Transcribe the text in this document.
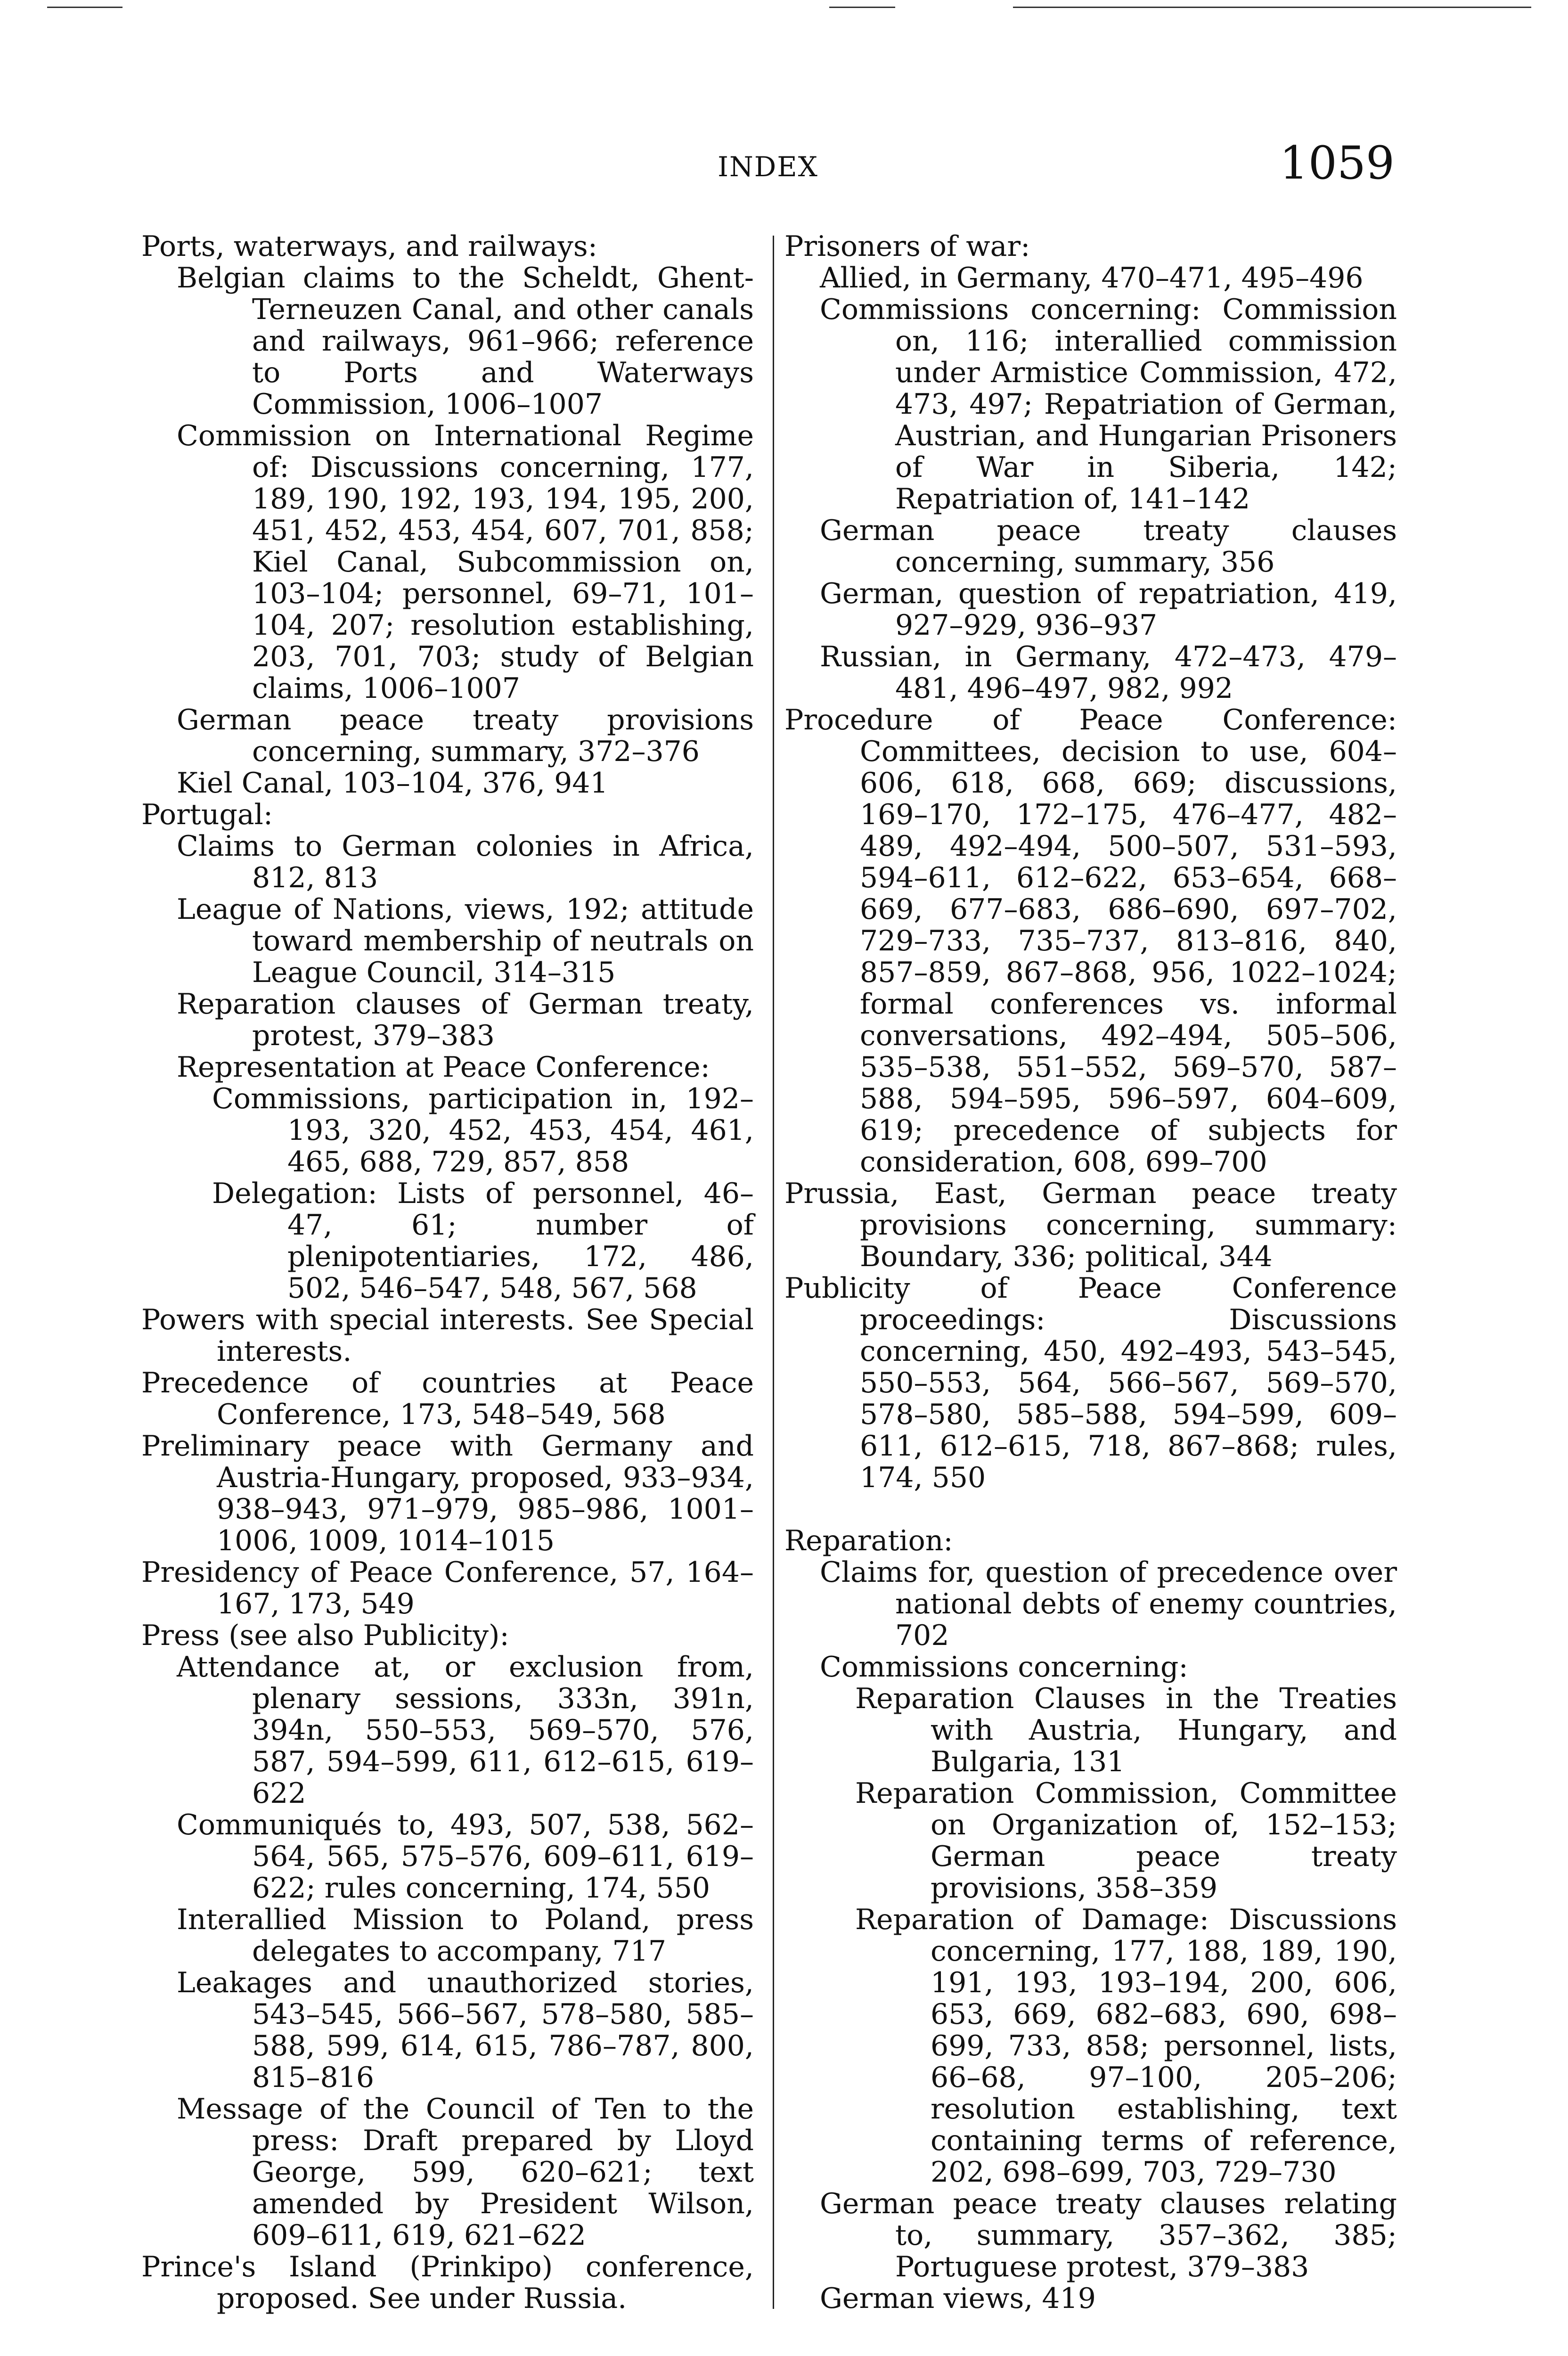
INDEX	1059
Ports, waterways, and railways:
Belgian claims to the Scheldt, Ghent-Terneuzen Canal, and other canals and railways, 961–966; reference to Ports and Waterways Commission, 1006–1007
Commission on International Regime of: Discussions concerning, 177, 189, 190, 192, 193, 194, 195, 200, 451, 452, 453, 454, 607, 701, 858; Kiel Canal, Subcommission on, 103–104; personnel, 69–71, 101–104, 207; resolution establishing, 203, 701, 703; study of Belgian claims, 1006–1007
German peace treaty provisions concerning, summary, 372–376
Kiel Canal, 103–104, 376, 941
Portugal:
Claims to German colonies in Africa, 812, 813
League of Nations, views, 192; attitude toward membership of neutrals on League Council, 314–315
Reparation clauses of German treaty, protest, 379–383
Representation at Peace Conference:
Commissions, participation in, 192–193, 320, 452, 453, 454, 461, 465, 688, 729, 857, 858
Delegation: Lists of personnel, 46–47, 61; number of plenipotentiaries, 172, 486, 502, 546–547, 548, 567, 568
Powers with special interests. See Special interests.
Precedence of countries at Peace Conference, 173, 548–549, 568
Preliminary peace with Germany and Austria-Hungary, proposed, 933–934, 938–943, 971–979, 985–986, 1001–1006, 1009, 1014–1015
Presidency of Peace Conference, 57, 164–167, 173, 549
Press (see also Publicity):
Attendance at, or exclusion from, plenary sessions, 333n, 391n, 394n, 550–553, 569–570, 576, 587, 594–599, 611, 612–615, 619–622
Communiqués to, 493, 507, 538, 562–564, 565, 575–576, 609–611, 619–622; rules concerning, 174, 550
Interallied Mission to Poland, press delegates to accompany, 717
Leakages and unauthorized stories, 543–545, 566–567, 578–580, 585–588, 599, 614, 615, 786–787, 800, 815–816
Message of the Council of Ten to the press: Draft prepared by Lloyd George, 599, 620–621; text amended by President Wilson, 609–611, 619, 621–622
Prince's Island (Prinkipo) conference, proposed. See under Russia.
Prisoners of war:
Allied, in Germany, 470–471, 495–496
Commissions concerning: Commission on, 116; interallied commission under Armistice Commission, 472, 473, 497; Repatriation of German, Austrian, and Hungarian Prisoners of War in Siberia, 142; Repatriation of, 141–142
German peace treaty clauses concerning, summary, 356
German, question of repatriation, 419, 927–929, 936–937
Russian, in Germany, 472–473, 479–481, 496–497, 982, 992
Procedure of Peace Conference: Committees, decision to use, 604–606, 618, 668, 669; discussions, 169–170, 172–175, 476–477, 482–489, 492–494, 500–507, 531–593, 594–611, 612–622, 653–654, 668–669, 677–683, 686–690, 697–702, 729–733, 735–737, 813–816, 840, 857–859, 867–868, 956, 1022–1024; formal conferences vs. informal conversations, 492–494, 505–506, 535–538, 551–552, 569–570, 587–588, 594–595, 596–597, 604–609, 619; precedence of subjects for consideration, 608, 699–700
Prussia, East, German peace treaty provisions concerning, summary: Boundary, 336; political, 344
Publicity of Peace Conference proceedings: Discussions concerning, 450, 492–493, 543–545, 550–553, 564, 566–567, 569–570, 578–580, 585–588, 594–599, 609–611, 612–615, 718, 867–868; rules, 174, 550
Reparation:
Claims for, question of precedence over national debts of enemy countries, 702
Commissions concerning:
Reparation Clauses in the Treaties with Austria, Hungary, and Bulgaria, 131
Reparation Commission, Committee on Organization of, 152–153; German peace treaty provisions, 358–359
Reparation of Damage: Discussions concerning, 177, 188, 189, 190, 191, 193, 193–194, 200, 606, 653, 669, 682–683, 690, 698–699, 733, 858; personnel, lists, 66–68, 97–100, 205–206; resolution establishing, text containing terms of reference, 202, 698–699, 703, 729–730
German peace treaty clauses relating to, summary, 357–362, 385; Portuguese protest, 379–383
German views, 419
